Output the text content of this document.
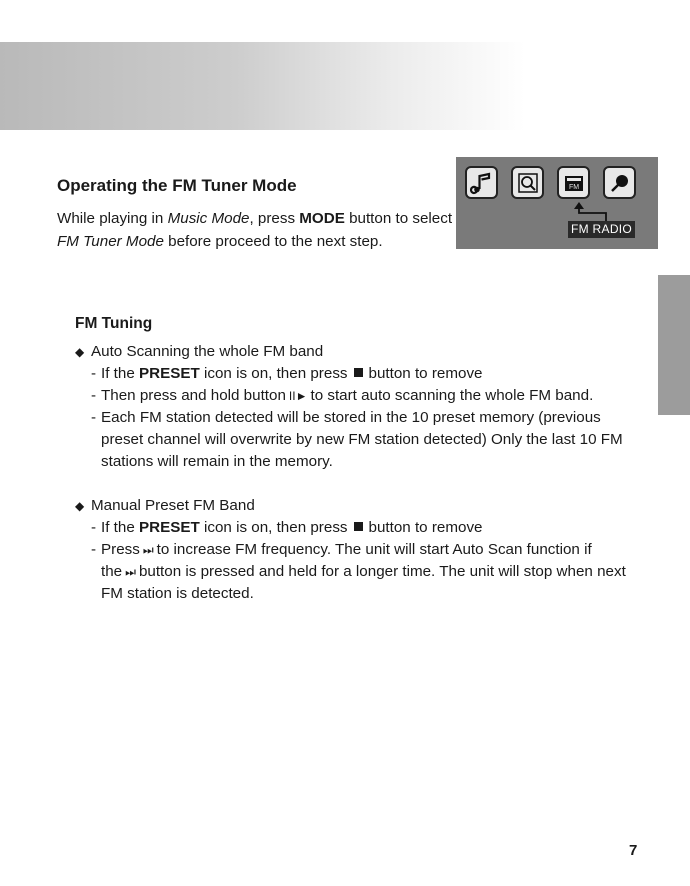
Operating the FM Tuner Mode

While playing in Music Mode, press MODE button to select FM Tuner Mode before proceed to the next step.

FM
FM RADIO
FM Tuning

◆ Auto Scanning the whole FM band

- If the PRESET icon is on, then press button to remove

- Then press and hold button II► to start auto scanning the whole FM band.

- Each FM station detected will be stored in the 10 preset memory (previous preset channel will overwrite by new FM station detected) Only the last 10 FM stations will remain in the memory.

◆ Manual Preset FM Band

- If the PRESET icon is on, then press button to remove

- Press ⏭ to increase FM frequency. The unit will start Auto Scan function if the ⏭ button is pressed and held for a longer time. The unit will stop when next FM station is detected.

7
